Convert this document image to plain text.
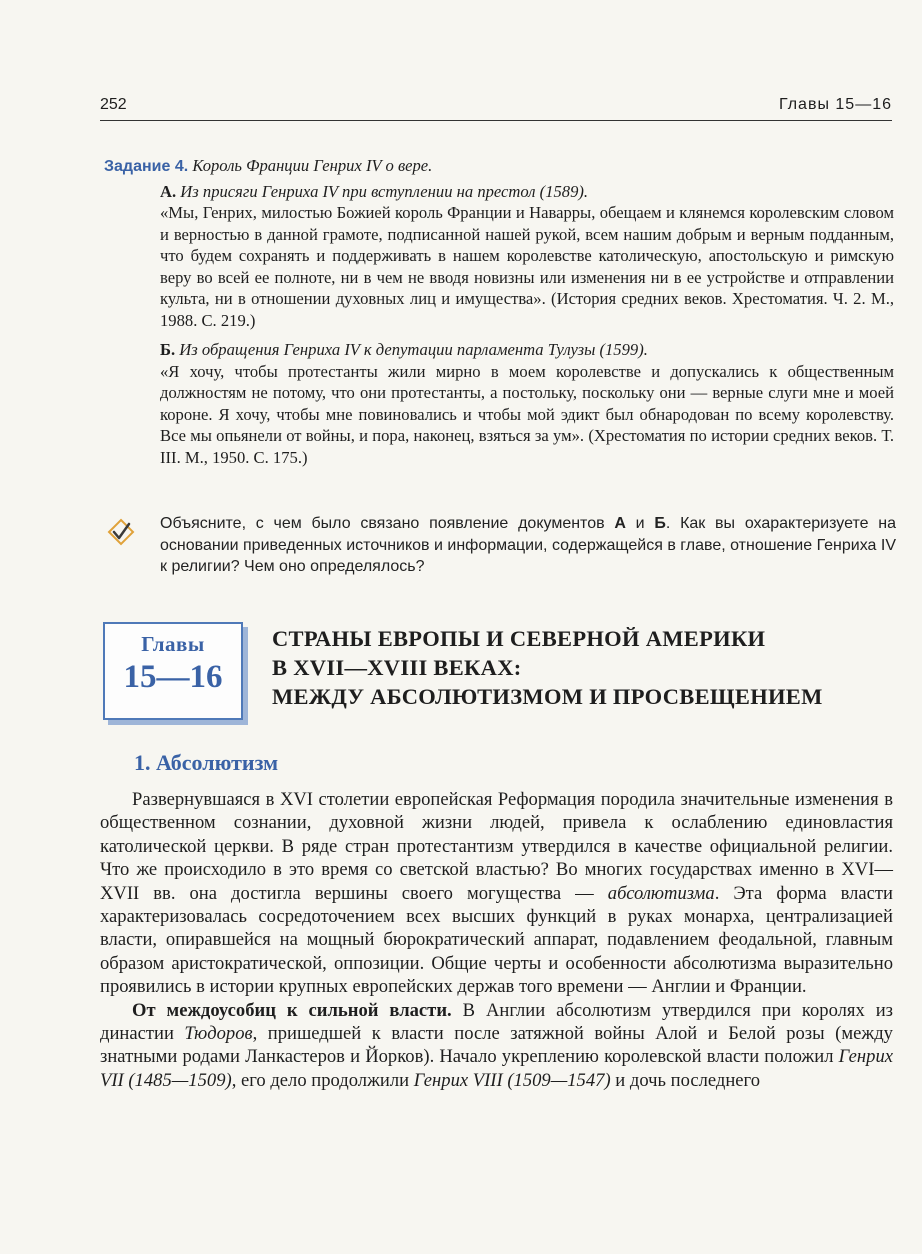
252	Главы 15—16
Задание 4. Король Франции Генрих IV о вере.

А. Из присяги Генриха IV при вступлении на престол (1589).

«Мы, Генрих, милостью Божией король Франции и Наварры, обещаем и клянемся королевским словом и верностью в данной грамоте, подписанной нашей рукой, всем нашим добрым и верным подданным, что будем сохранять и поддерживать в нашем королевстве католическую, апостольскую и римскую веру во всей ее полноте, ни в чем не вводя новизны или изменения ни в ее устройстве и отправлении культа, ни в отношении духовных лиц и имущества». (История средних веков. Хрестоматия. Ч. 2. М., 1988. С. 219.)

Б. Из обращения Генриха IV к депутации парламента Тулузы (1599).

«Я хочу, чтобы протестанты жили мирно в моем королевстве и допускались к общественным должностям не потому, что они протестанты, а постольку, поскольку они — верные слуги мне и моей короне. Я хочу, чтобы мне повиновались и чтобы мой эдикт был обнародован по всему королевству. Все мы опьянели от войны, и пора, наконец, взяться за ум». (Хрестоматия по истории средних веков. Т. III. М., 1950. С. 175.)

Объясните, с чем было связано появление документов А и Б. Как вы охарактеризуете на основании приведенных источников и информации, содержащейся в главе, отношение Генриха IV к религии? Чем оно определялось?
Главы
15—16
СТРАНЫ ЕВРОПЫ И СЕВЕРНОЙ АМЕРИКИ
В XVII—XVIII ВЕКАХ:
МЕЖДУ АБСОЛЮТИЗМОМ И ПРОСВЕЩЕНИЕМ
1. Абсолютизм

Развернувшаяся в XVI столетии европейская Реформация породила значительные изменения в общественном сознании, духовной жизни людей, привела к ослаблению единовластия католической церкви. В ряде стран протестантизм утвердился в качестве официальной религии. Что же происходило в это время со светской властью? Во многих государствах именно в XVI—XVII вв. она достигла вершины своего могущества — абсолютизма. Эта форма власти характеризовалась сосредоточением всех высших функций в руках монарха, централизацией власти, опиравшейся на мощный бюрократический аппарат, подавлением феодальной, главным образом аристократической, оппозиции. Общие черты и особенности абсолютизма выразительно проявились в истории крупных европейских держав того времени — Англии и Франции.

От междоусобиц к сильной власти. В Англии абсолютизм утвердился при королях из династии Тюдоров, пришедшей к власти после затяжной войны Алой и Белой розы (между знатными родами Ланкастеров и Йорков). Начало укреплению королевской власти положил Генрих VII (1485—1509), его дело продолжили Генрих VIII (1509—1547) и дочь последнего
